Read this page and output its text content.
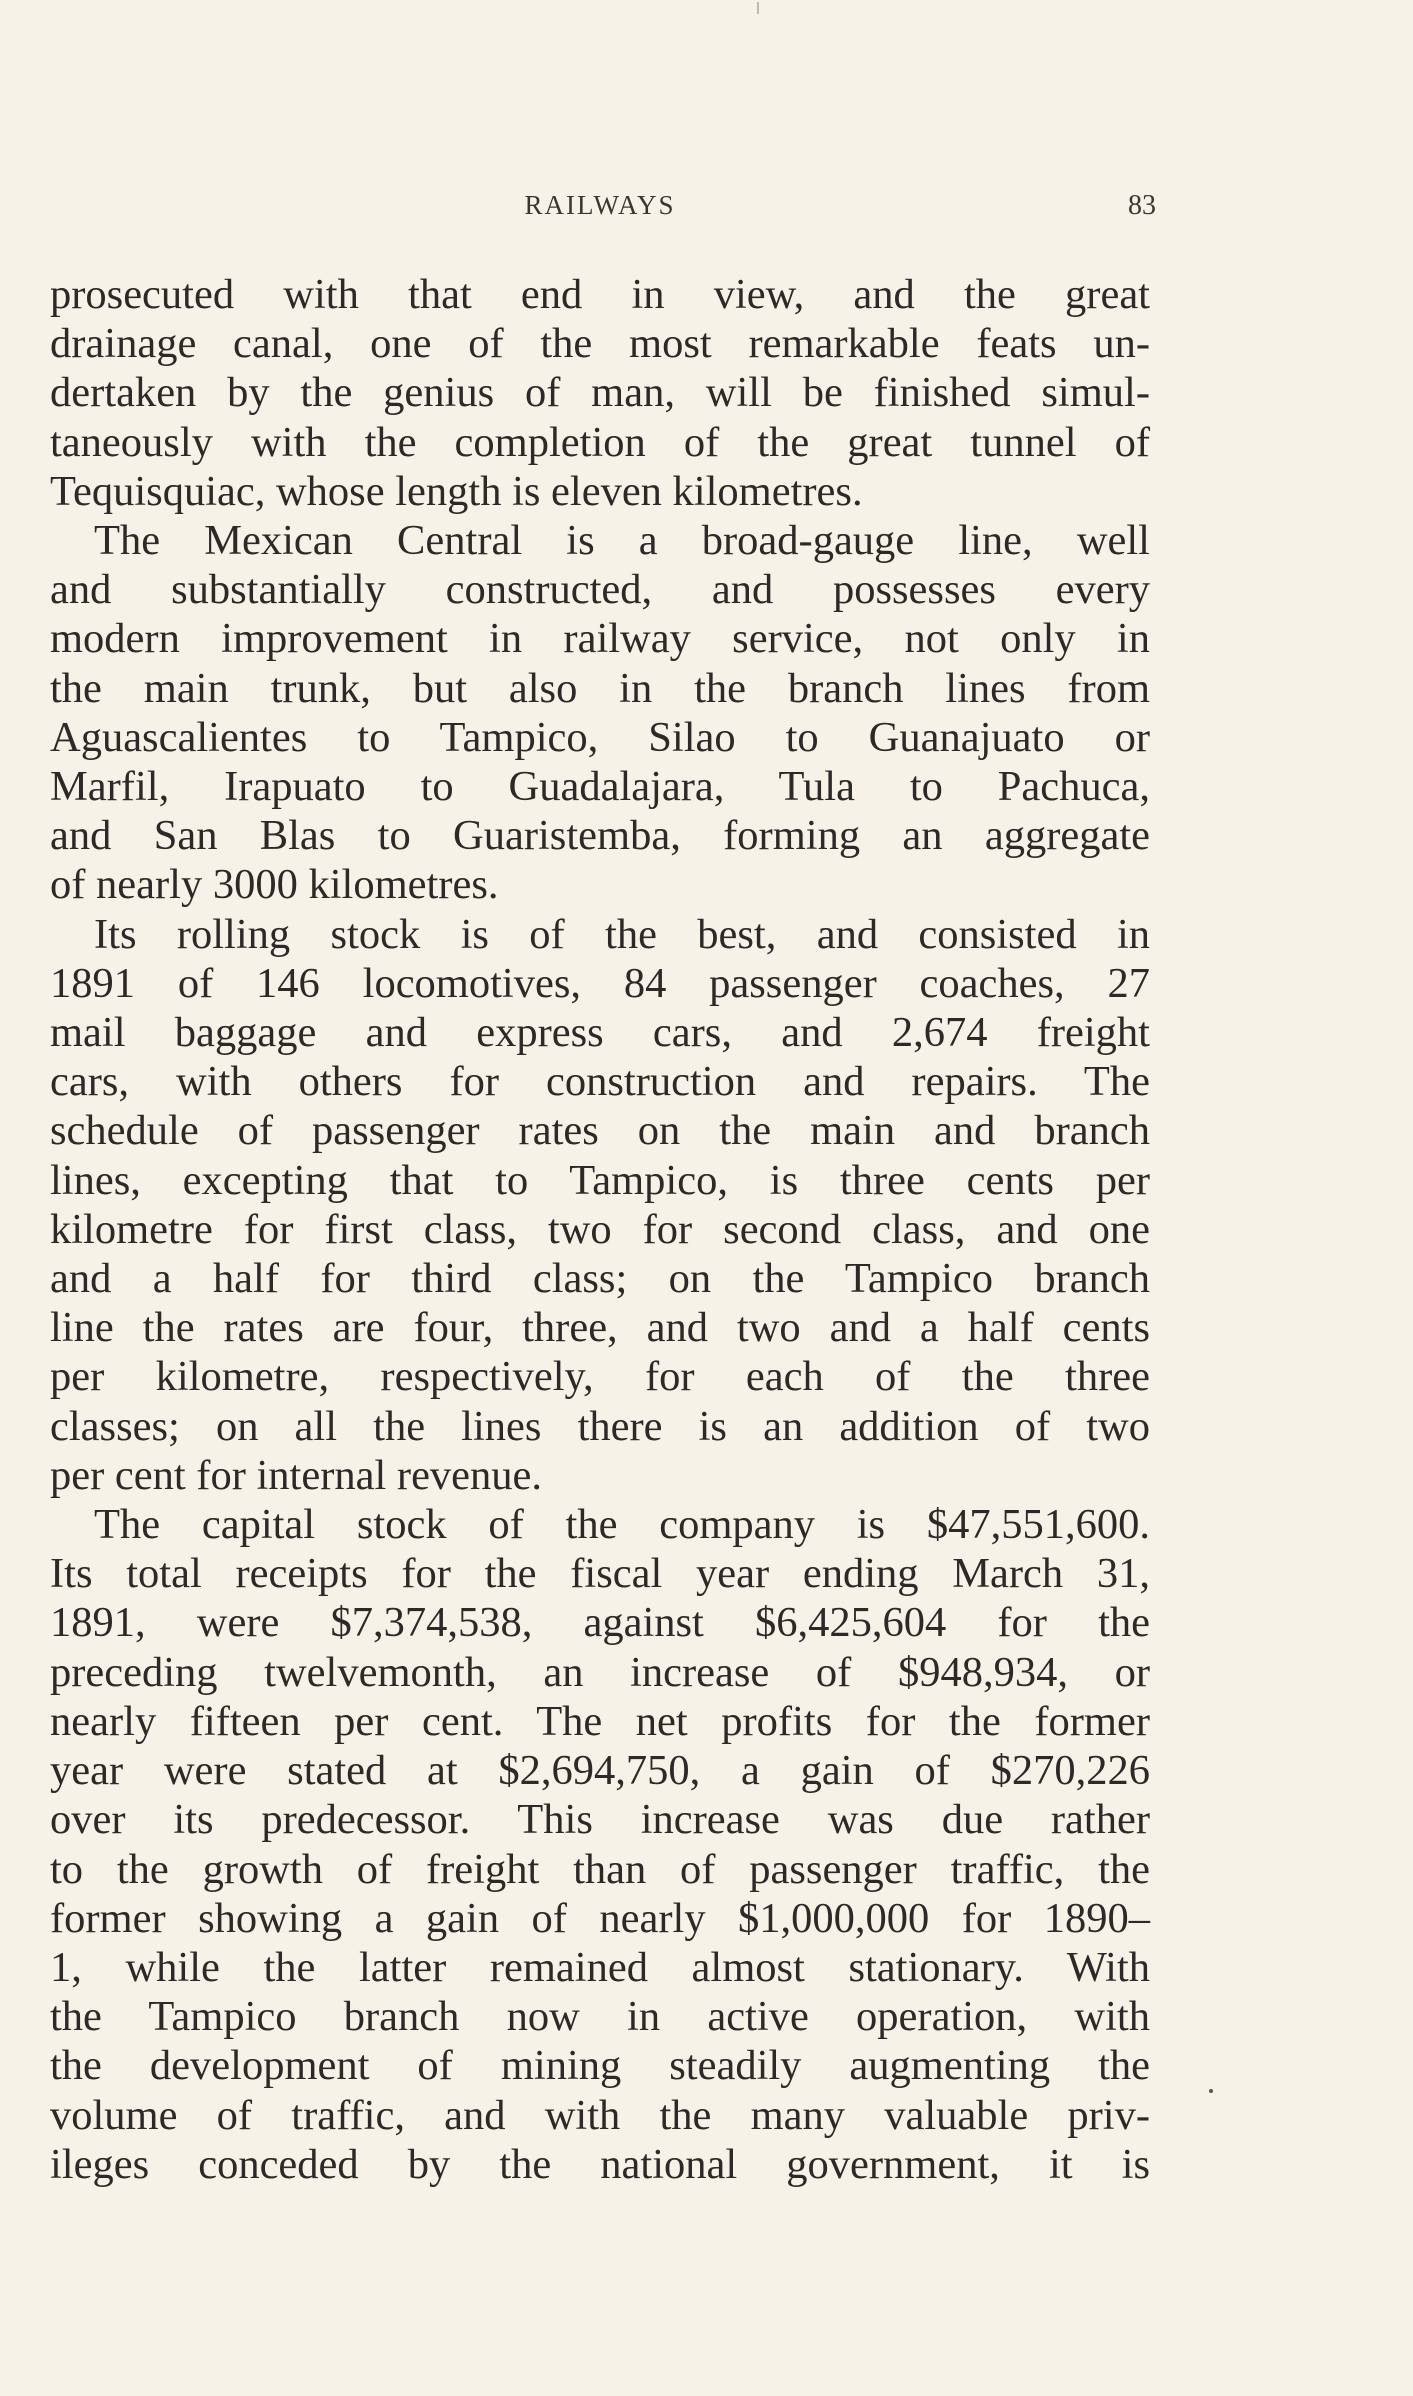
RAILWAYS	83

prosecuted with that end in view, and the great
drainage canal, one of the most remarkable feats un-
dertaken by the genius of man, will be finished simul-
taneously with the completion of the great tunnel of
Tequisquiac, whose length is eleven kilometres.

The Mexican Central is a broad-gauge line, well
and substantially constructed, and possesses every
modern improvement in railway service, not only in
the main trunk, but also in the branch lines from
Aguascalientes to Tampico, Silao to Guanajuato or
Marfil, Irapuato to Guadalajara, Tula to Pachuca,
and San Blas to Guaristemba, forming an aggregate
of nearly 3000 kilometres.

Its rolling stock is of the best, and consisted in
1891 of 146 locomotives, 84 passenger coaches, 27
mail baggage and express cars, and 2,674 freight
cars, with others for construction and repairs. The
schedule of passenger rates on the main and branch
lines, excepting that to Tampico, is three cents per
kilometre for first class, two for second class, and one
and a half for third class; on the Tampico branch
line the rates are four, three, and two and a half cents
per kilometre, respectively, for each of the three
classes; on all the lines there is an addition of two
per cent for internal revenue.

The capital stock of the company is $47,551,600.
Its total receipts for the fiscal year ending March 31,
1891, were $7,374,538, against $6,425,604 for the
preceding twelvemonth, an increase of $948,934, or
nearly fifteen per cent. The net profits for the former
year were stated at $2,694,750, a gain of $270,226
over its predecessor. This increase was due rather
to the growth of freight than of passenger traffic, the
former showing a gain of nearly $1,000,000 for 1890–
1, while the latter remained almost stationary. With
the Tampico branch now in active operation, with
the development of mining steadily augmenting the
volume of traffic, and with the many valuable priv-
ileges conceded by the national government, it is
